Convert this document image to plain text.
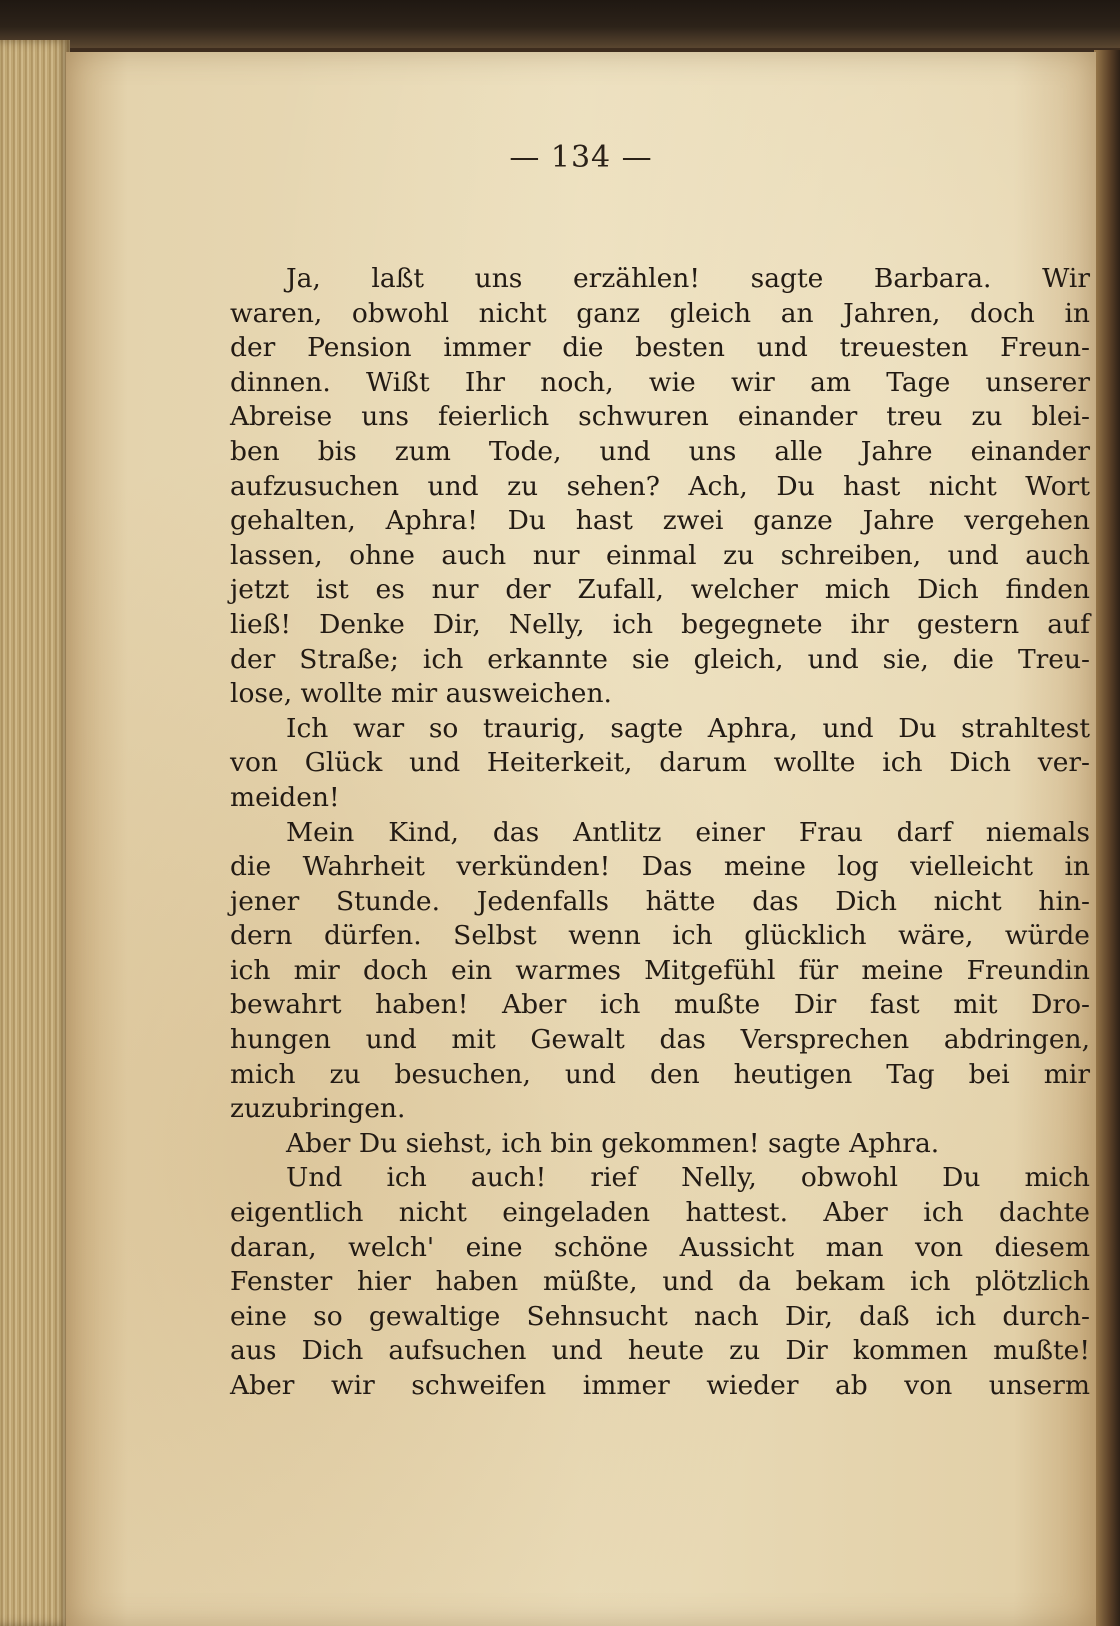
— 134 —
Ja, laßt uns erzählen! sagte Barbara. Wir
waren, obwohl nicht ganz gleich an Jahren, doch in
der Pension immer die besten und treuesten Freun-
dinnen. Wißt Ihr noch, wie wir am Tage unserer
Abreise uns feierlich schwuren einander treu zu blei-
ben bis zum Tode, und uns alle Jahre einander
aufzusuchen und zu sehen? Ach, Du hast nicht Wort
gehalten, Aphra! Du hast zwei ganze Jahre vergehen
lassen, ohne auch nur einmal zu schreiben, und auch
jetzt ist es nur der Zufall, welcher mich Dich finden
ließ! Denke Dir, Nelly, ich begegnete ihr gestern auf
der Straße; ich erkannte sie gleich, und sie, die Treu-
lose, wollte mir ausweichen.
Ich war so traurig, sagte Aphra, und Du strahltest
von Glück und Heiterkeit, darum wollte ich Dich ver-
meiden!
Mein Kind, das Antlitz einer Frau darf niemals
die Wahrheit verkünden! Das meine log vielleicht in
jener Stunde. Jedenfalls hätte das Dich nicht hin-
dern dürfen. Selbst wenn ich glücklich wäre, würde
ich mir doch ein warmes Mitgefühl für meine Freundin
bewahrt haben! Aber ich mußte Dir fast mit Dro-
hungen und mit Gewalt das Versprechen abdringen,
mich zu besuchen, und den heutigen Tag bei mir
zuzubringen.
Aber Du siehst, ich bin gekommen! sagte Aphra.
Und ich auch! rief Nelly, obwohl Du mich
eigentlich nicht eingeladen hattest. Aber ich dachte
daran, welch' eine schöne Aussicht man von diesem
Fenster hier haben müßte, und da bekam ich plötzlich
eine so gewaltige Sehnsucht nach Dir, daß ich durch-
aus Dich aufsuchen und heute zu Dir kommen mußte!
Aber wir schweifen immer wieder ab von unserm
